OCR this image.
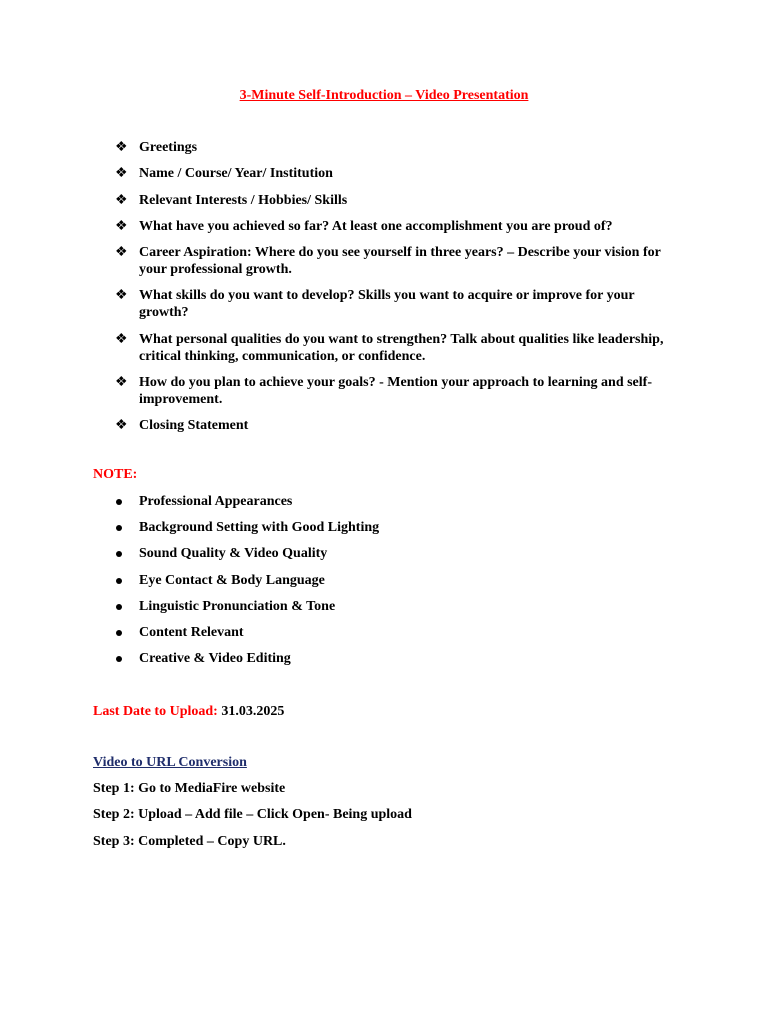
3-Minute Self-Introduction – Video Presentation
❖ Greetings
❖ Name / Course/ Year/ Institution
❖ Relevant Interests / Hobbies/ Skills
❖ What have you achieved so far? At least one accomplishment you are proud of?
❖ Career Aspiration: Where do you see yourself in three years? – Describe your vision for your professional growth.
❖ What skills do you want to develop? Skills you want to acquire or improve for your growth?
❖ What personal qualities do you want to strengthen? Talk about qualities like leadership, critical thinking, communication, or confidence.
❖ How do you plan to achieve your goals? - Mention your approach to learning and self-improvement.
❖ Closing Statement
NOTE:
Professional Appearances
Background Setting with Good Lighting
Sound Quality & Video Quality
Eye Contact & Body Language
Linguistic Pronunciation & Tone
Content Relevant
Creative & Video Editing
Last Date to Upload: 31.03.2025
Video to URL Conversion
Step 1: Go to MediaFire website
Step 2: Upload – Add file – Click Open- Being upload
Step 3: Completed – Copy URL.
